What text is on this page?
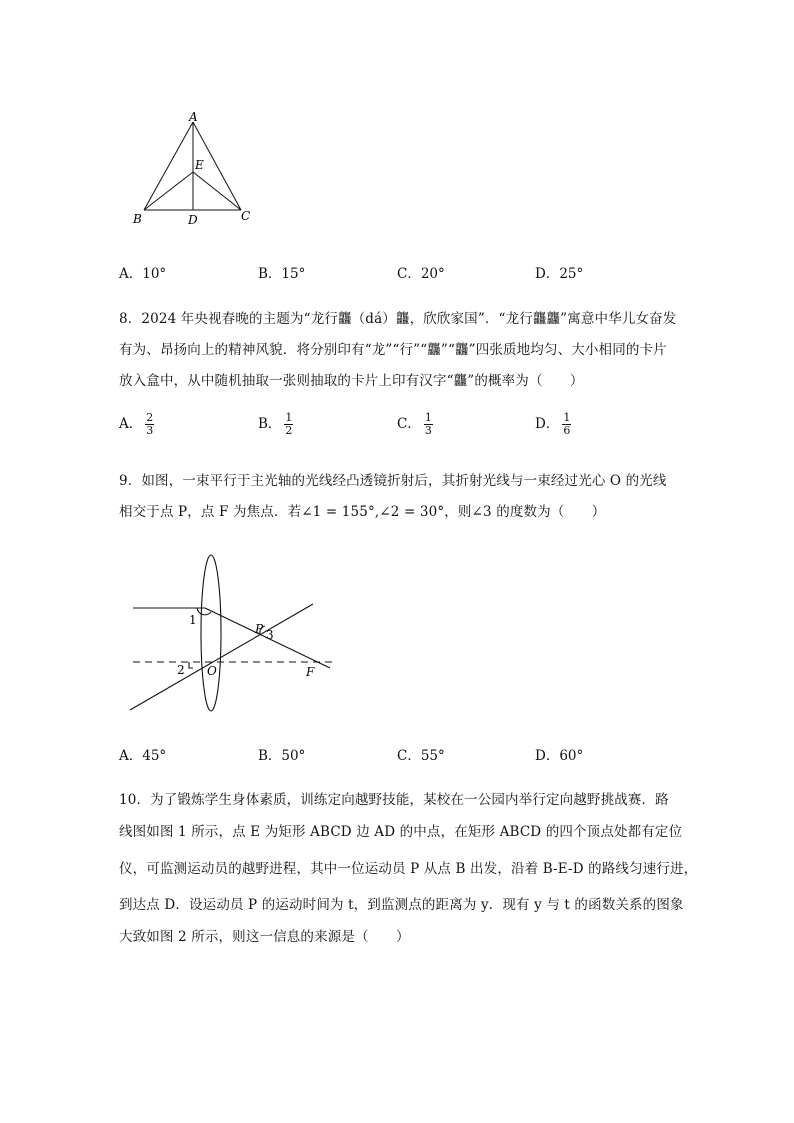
A
E
B	D	C
A．10°	B．15°	C．20°	D．25°
8．2024 年央视春晚的主题为“龙行龘（dá）龘，欣欣家国”．“龙行龘龘”寓意中华儿女奋发
有为、昂扬向上的精神风貌．将分别印有“龙”“行”“龘”“龘”四张质地均匀、大小相同的卡片
放入盒中，从中随机抽取一张则抽取的卡片上印有汉字“龘”的概率为（　　）
A． $\frac{2}{3}$	B． $\frac{1}{2}$	C． $\frac{1}{3}$	D． $\frac{1}{6}$
9．如图，一束平行于主光轴的光线经凸透镜折射后，其折射光线与一束经过光心 O 的光线
相交于点 P，点 F 为焦点．若∠1 = 155°,∠2 = 30°，则∠3 的度数为（　　）
1
2
3
P
O	F
A．45°	B．50°	C．55°	D．60°
10．为了锻炼学生身体素质，训练定向越野技能，某校在一公园内举行定向越野挑战赛．路
线图如图 1 所示，点 E 为矩形 ABCD 边 AD 的中点，在矩形 ABCD 的四个顶点处都有定位
仪，可监测运动员的越野进程，其中一位运动员 P 从点 B 出发，沿着 B-E-D 的路线匀速行进，
到达点 D．设运动员 P 的运动时间为 t，到监测点的距离为 y．现有 y 与 t 的函数关系的图象
大致如图 2 所示，则这一信息的来源是（　　）
